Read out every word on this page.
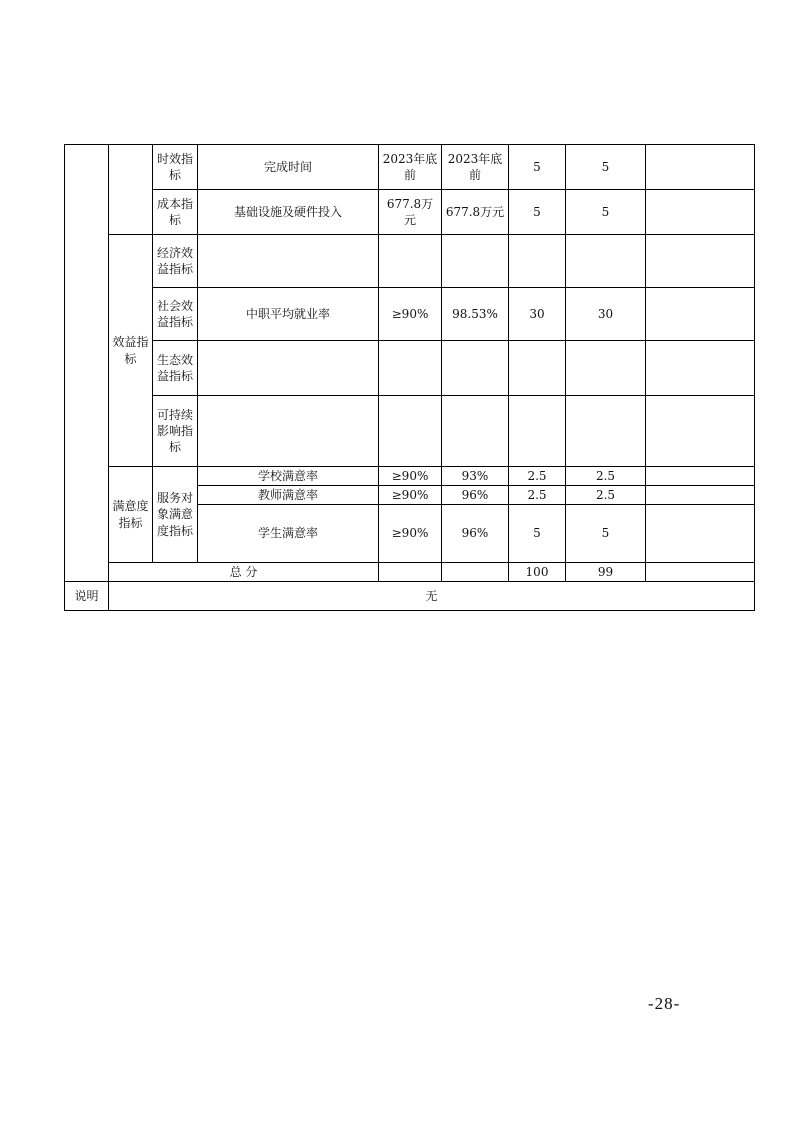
		时效指标	完成时间	2023年底前	2023年底前	5	5	
		成本指标	基础设施及硬件投入	677.8万元	677.8万元	5	5	
	效益指标	经济效益指标						
		社会效益指标	中职平均就业率	≥90%	98.53%	30	30	
		生态效益指标						
		可持续影响指标						
	满意度指标	服务对象满意度指标	学校满意率	≥90%	93%	2.5	2.5	
			教师满意率	≥90%	96%	2.5	2.5	
			学生满意率	≥90%	96%	5	5	
	总 分					100	99	
说明	无							
-28-
